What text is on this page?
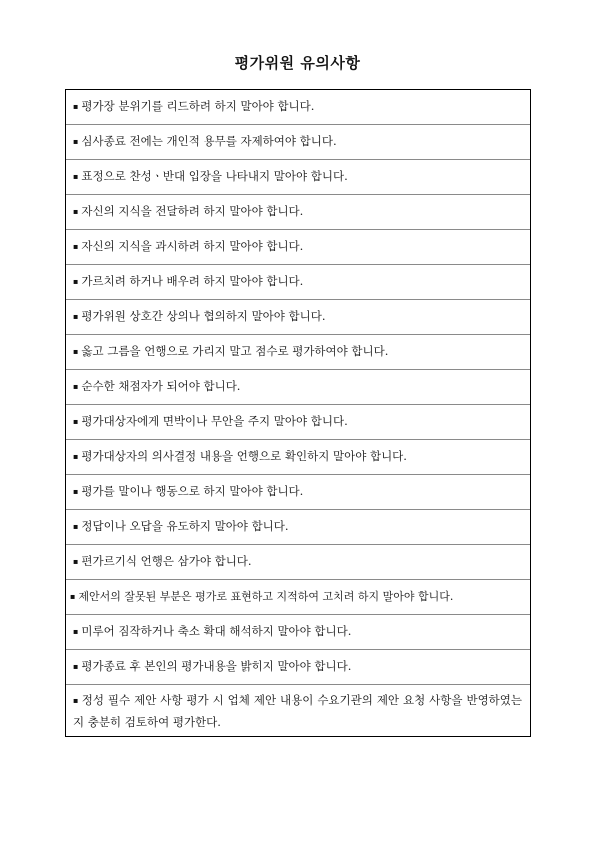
평가위원 유의사항
▪ 평가장 분위기를 리드하려 하지 말아야 합니다.
▪ 심사종료 전에는 개인적 용무를 자제하여야 합니다.
▪ 표정으로 찬성ㆍ반대 입장을 나타내지 말아야 합니다.
▪ 자신의 지식을 전달하려 하지 말아야 합니다.
▪ 자신의 지식을 과시하려 하지 말아야 합니다.
▪ 가르치려 하거나 배우려 하지 말아야 합니다.
▪ 평가위원 상호간 상의나 협의하지 말아야 합니다.
▪ 옳고 그름을 언행으로 가리지 말고 점수로 평가하여야 합니다.
▪ 순수한 채점자가 되어야 합니다.
▪ 평가대상자에게 면박이나 무안을 주지 말아야 합니다.
▪ 평가대상자의 의사결정 내용을 언행으로 확인하지 말아야 합니다.
▪ 평가를 말이나 행동으로 하지 말아야 합니다.
▪ 정답이나 오답을 유도하지 말아야 합니다.
▪ 편가르기식 언행은 삼가야 합니다.
▪ 제안서의 잘못된 부분은 평가로 표현하고 지적하여 고치려 하지 말아야 합니다.
▪ 미루어 짐작하거나 축소 확대 해석하지 말아야 합니다.
▪ 평가종료 후 본인의 평가내용을 밝히지 말아야 합니다.
▪ 정성 필수 제안 사항 평가 시 업체 제안 내용이 수요기관의 제안 요청 사항을 반영하였는지 충분히 검토하여 평가한다.
